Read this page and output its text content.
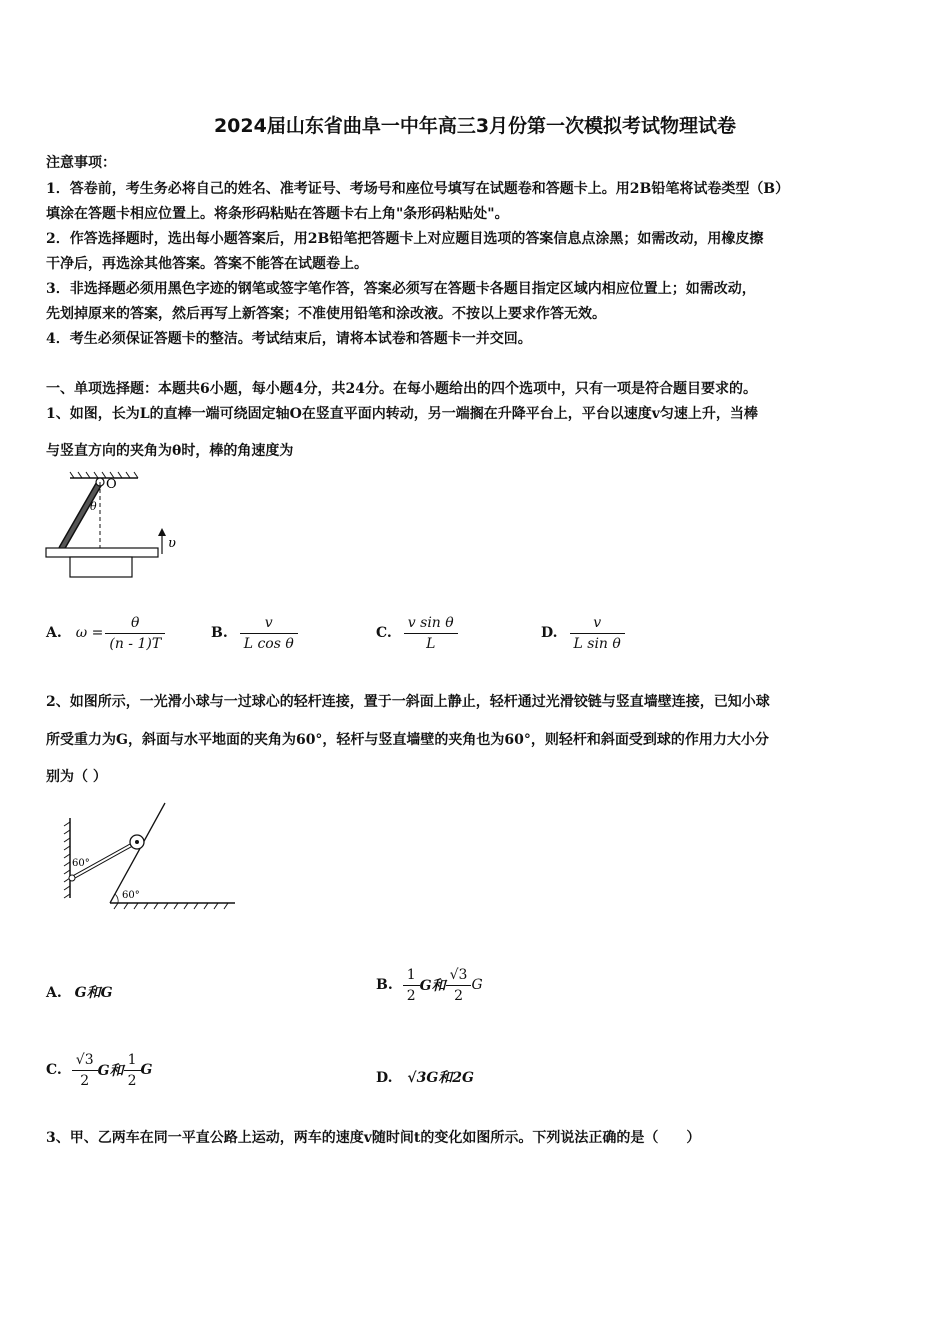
2024届山东省曲阜一中年高三3月份第一次模拟考试物理试卷
注意事项：
1．答卷前，考生务必将自己的姓名、准考证号、考场号和座位号填写在试题卷和答题卡上。用2B铅笔将试卷类型（B）
填涂在答题卡相应位置上。将条形码粘贴在答题卡右上角"条形码粘贴处"。
2．作答选择题时，选出每小题答案后，用2B铅笔把答题卡上对应题目选项的答案信息点涂黑；如需改动，用橡皮擦
干净后，再选涂其他答案。答案不能答在试题卷上。
3．非选择题必须用黑色字迹的钢笔或签字笔作答，答案必须写在答题卡各题目指定区域内相应位置上；如需改动，
先划掉原来的答案，然后再写上新答案；不准使用铅笔和涂改液。不按以上要求作答无效。
4．考生必须保证答题卡的整洁。考试结束后，请将本试卷和答题卡一并交回。
一、单项选择题：本题共6小题，每小题4分，共24分。在每小题给出的四个选项中，只有一项是符合题目要求的。
1、如图，长为L的直棒一端可绕固定轴O在竖直平面内转动，另一端搁在升降平台上，平台以速度v匀速上升，当棒
与竖直方向的夹角为θ时，棒的角速度为
O
θ
υ
A. $\omega = \frac{\theta}{(n - 1)T}$	B. $\frac{v}{\text{L cos θ}}$	C. $\frac{\text{v sin θ}}{L}$	D. $\frac{v}{\text{L sin θ}}$
2、如图所示，一光滑小球与一过球心的轻杆连接，置于一斜面上静止，轻杆通过光滑铰链与竖直墙壁连接，已知小球
所受重力为G，斜面与水平地面的夹角为60°，轻杆与竖直墙壁的夹角也为60°，则轻杆和斜面受到球的作用力大小分
别为（ ）
60°
60°
A. G和G	B. $\frac{1}{2}$ G和 $\frac{√3}{2}$ G
C. $\frac{√3}{2}$ G和 $\frac{1}{2}$ G	D. √3G和2G
3、甲、乙两车在同一平直公路上运动，两车的速度v随时间t的变化如图所示。下列说法正确的是（　　）
